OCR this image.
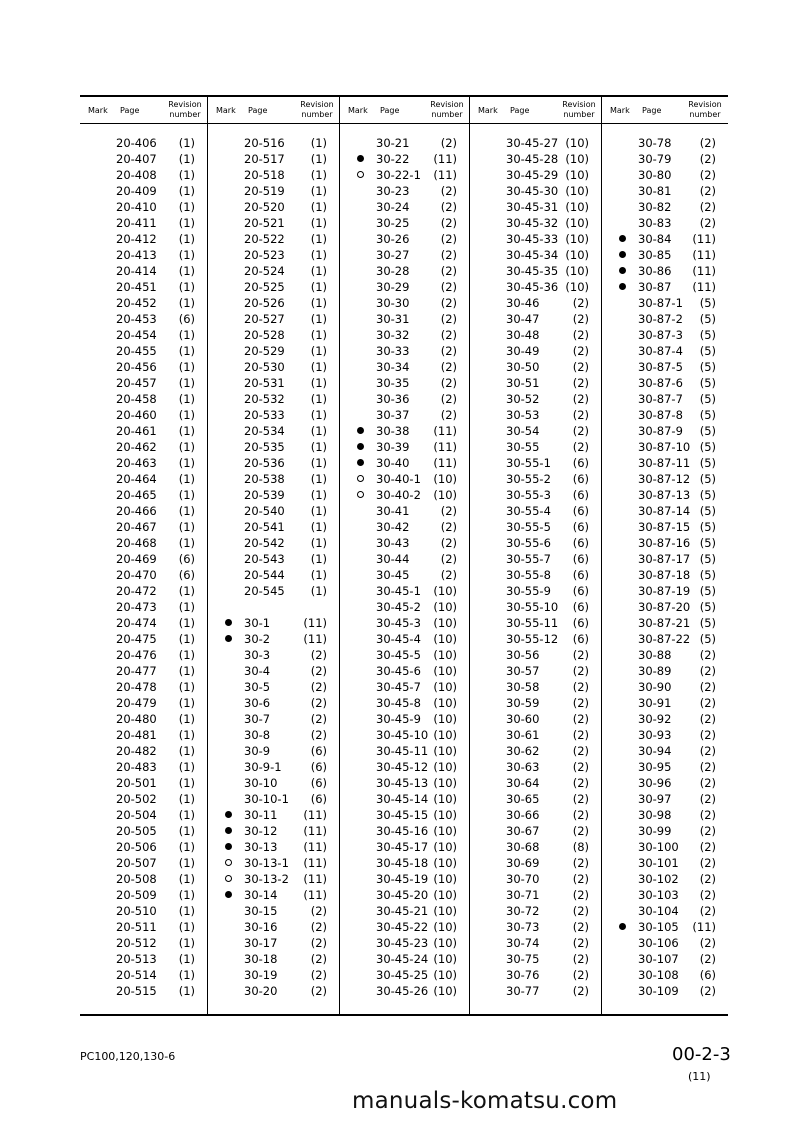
Mark Page
Revision number	Mark Page
Revision number	Mark Page
Revision number	Mark Page
Revision number	Mark Page
Revision number
20-406 (1)
20-407 (1)
20-408 (1)
20-409 (1)
20-410 (1)
20-411 (1)
20-412 (1)
20-413 (1)
20-414 (1)
20-451 (1)
20-452 (1)
20-453 (6)
20-454 (1)
20-455 (1)
20-456 (1)
20-457 (1)
20-458 (1)
20-460 (1)
20-461 (1)
20-462 (1)
20-463 (1)
20-464 (1)
20-465 (1)
20-466 (1)
20-467 (1)
20-468 (1)
20-469 (6)
20-470 (6)
20-472 (1)
20-473 (1)
20-474 (1)
20-475 (1)
20-476 (1)
20-477 (1)
20-478 (1)
20-479 (1)
20-480 (1)
20-481 (1)
20-482 (1)
20-483 (1)
20-501 (1)
20-502 (1)
20-504 (1)
20-505 (1)
20-506 (1)
20-507 (1)
20-508 (1)
20-509 (1)
20-510 (1)
20-511 (1)
20-512 (1)
20-513 (1)
20-514 (1)
20-515 (1)
20-516 (1)
20-517 (1)
20-518 (1)
20-519 (1)
20-520 (1)
20-521 (1)
20-522 (1)
20-523 (1)
20-524 (1)
20-525 (1)
20-526 (1)
20-527 (1)
20-528 (1)
20-529 (1)
20-530 (1)
20-531 (1)
20-532 (1)
20-533 (1)
20-534 (1)
20-535 (1)
20-536 (1)
20-538 (1)
20-539 (1)
20-540 (1)
20-541 (1)
20-542 (1)
20-543 (1)
20-544 (1)
20-545 (1)
30-1	(11)
30-2	(11)
30-3	(2)
30-4	(2)
30-5	(2)
30-6	(2)
30-7	(2)
30-8	(2)
30-9	(6)
30-9-1	(6)
30-10	(6)
30-10-1 (6)
30-11 (11)
30-12 (11)
30-13 (11)
30-13-1 (11)
30-13-2 (11)
30-14 (11)
30-15	(2)
30-16	(2)
30-17	(2)
30-18	(2)
30-19	(2)
30-20	(2)
30-21	(2)
30-22 (11)
30-22-1 (11)
30-23	(2)
30-24	(2)
30-25	(2)
30-26	(2)
30-27	(2)
30-28	(2)
30-29	(2)
30-30	(2)
30-31	(2)
30-32	(2)
30-33	(2)
30-34	(2)
30-35	(2)
30-36	(2)
30-37	(2)
30-38 (11)
30-39 (11)
30-40 (11)
30-40-1 (10)
30-40-2 (10)
30-41	(2)
30-42	(2)
30-43	(2)
30-44	(2)
30-45	(2)
30-45-1 (10)
30-45-2 (10)
30-45-3 (10)
30-45-4 (10)
30-45-5 (10)
30-45-6 (10)
30-45-7 (10)
30-45-8 (10)
30-45-9 (10)
30-45-10 (10)
30-45-11 (10)
30-45-12 (10)
30-45-13 (10)
30-45-14 (10)
30-45-15 (10)
30-45-16 (10)
30-45-17 (10)
30-45-18 (10)
30-45-19 (10)
30-45-20 (10)
30-45-21 (10)
30-45-22 (10)
30-45-23 (10)
30-45-24 (10)
30-45-25 (10)
30-45-26 (10)
30-45-27 (10)
30-45-28 (10)
30-45-29 (10)
30-45-30 (10)
30-45-31 (10)
30-45-32 (10)
30-45-33 (10)
30-45-34 (10)
30-45-35 (10)
30-45-36 (10)
30-46	(2)
30-47	(2)
30-48	(2)
30-49	(2)
30-50	(2)
30-51	(2)
30-52	(2)
30-53	(2)
30-54	(2)
30-55	(2)
30-55-1 (6)
30-55-2 (6)
30-55-3 (6)
30-55-4 (6)
30-55-5 (6)
30-55-6 (6)
30-55-7 (6)
30-55-8 (6)
30-55-9 (6)
30-55-10 (6)
30-55-11 (6)
30-55-12 (6)
30-56	(2)
30-57	(2)
30-58	(2)
30-59	(2)
30-60	(2)
30-61	(2)
30-62	(2)
30-63	(2)
30-64	(2)
30-65	(2)
30-66	(2)
30-67	(2)
30-68	(8)
30-69	(2)
30-70	(2)
30-71	(2)
30-72	(2)
30-73	(2)
30-74	(2)
30-75	(2)
30-76	(2)
30-77	(2)
30-78 (2)
30-79 (2)
30-80 (2)
30-81 (2)
30-82 (2)
30-83 (2)
30-84 (11)
30-85 (11)
30-86 (11)
30-87 (11)
30-87-1 (5)
30-87-2 (5)
30-87-3 (5)
30-87-4 (5)
30-87-5 (5)
30-87-6 (5)
30-87-7 (5)
30-87-8 (5)
30-87-9 (5)
30-87-10 (5)
30-87-11 (5)
30-87-12 (5)
30-87-13 (5)
30-87-14 (5)
30-87-15 (5)
30-87-16 (5)
30-87-17 (5)
30-87-18 (5)
30-87-19 (5)
30-87-20 (5)
30-87-21 (5)
30-87-22 (5)
30-88 (2)
30-89 (2)
30-90 (2)
30-91 (2)
30-92 (2)
30-93 (2)
30-94 (2)
30-95 (2)
30-96 (2)
30-97 (2)
30-98 (2)
30-99 (2)
30-100 (2)
30-101 (2)
30-102 (2)
30-103 (2)
30-104 (2)
30-105 (11)
30-106 (2)
30-107 (2)
30-108 (6)
30-109 (2)
manuals-komatsu.com
PC100,120,130-6	00-2-3
(11)
